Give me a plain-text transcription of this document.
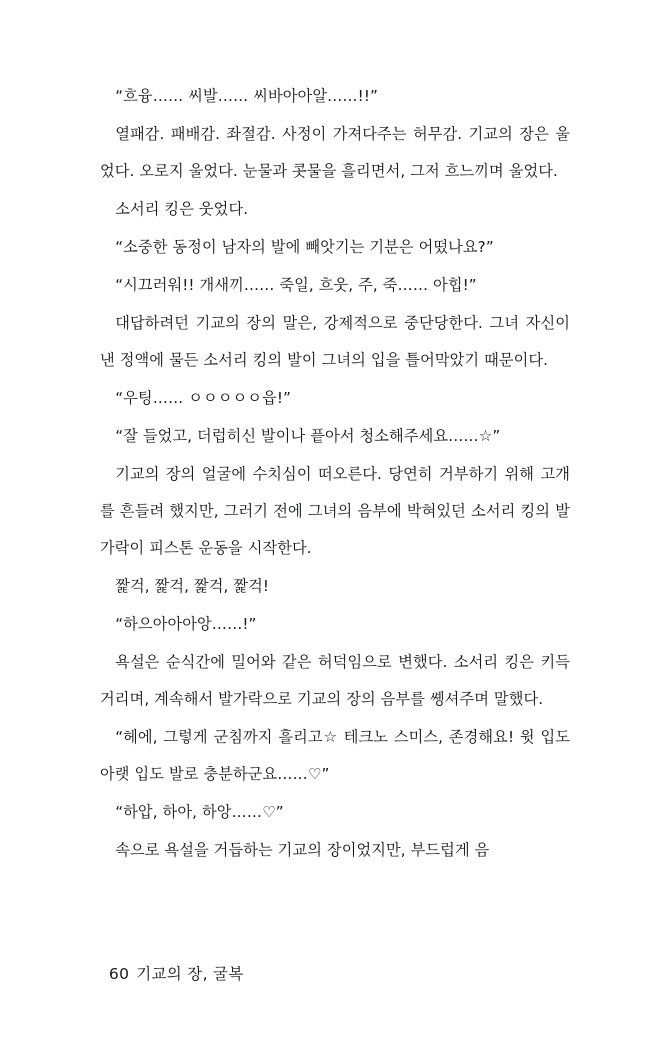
“흐융…… 씨발…… 씨바아아알……!!”

열패감. 패배감. 좌절감. 사정이 가져다주는 허무감. 기교의 장은 울었다. 오로지 울었다. 눈물과 콧물을 흘리면서, 그저 흐느끼며 울었다.

소서리 킹은 웃었다.

“소중한 동정이 남자의 발에 빼앗기는 기분은 어떴나요?”

“시끄러워!! 개새끼…… 죽일, 흐웃, 주, 죽…… 아힙!”

대답하려던 기교의 장의 말은, 강제적으로 중단당한다. 그녀 자신이 낸 정액에 물든 소서리 킹의 발이 그녀의 입을 틀어막았기 때문이다.

“우팅…… ㅇㅇㅇㅇㅇ읍!”

“잘 들었고, 더럽히신 발이나 픝아서 청소해주세요……☆”

기교의 장의 얼굴에 수치심이 떠오른다. 당연히 거부하기 위해 고개를 흔들려 했지만, 그러기 전에 그녀의 음부에 박혀있던 소서리 킹의 발가락이 피스톤 운동을 시작한다.

짩걱, 짩걱, 짩걱, 짩걱!

“하으아아아앙……!”

욕설은 순식간에 밀어와 같은 허덕임으로 변했다. 소서리 킹은 키득거리며, 계속해서 발가락으로 기교의 장의 음부를 쏑셔주며 말했다.

“헤에, 그렇게 군침까지 흘리고☆ 테크노 스미스, 존경해요! 윗 입도 아랫 입도 발로 충분하군요……♡”

“하압, 하아, 하앙……♡”

속으로 욕설을 거듭하는 기교의 장이었지만, 부드럽게 음

60 기교의 장, 굴복
